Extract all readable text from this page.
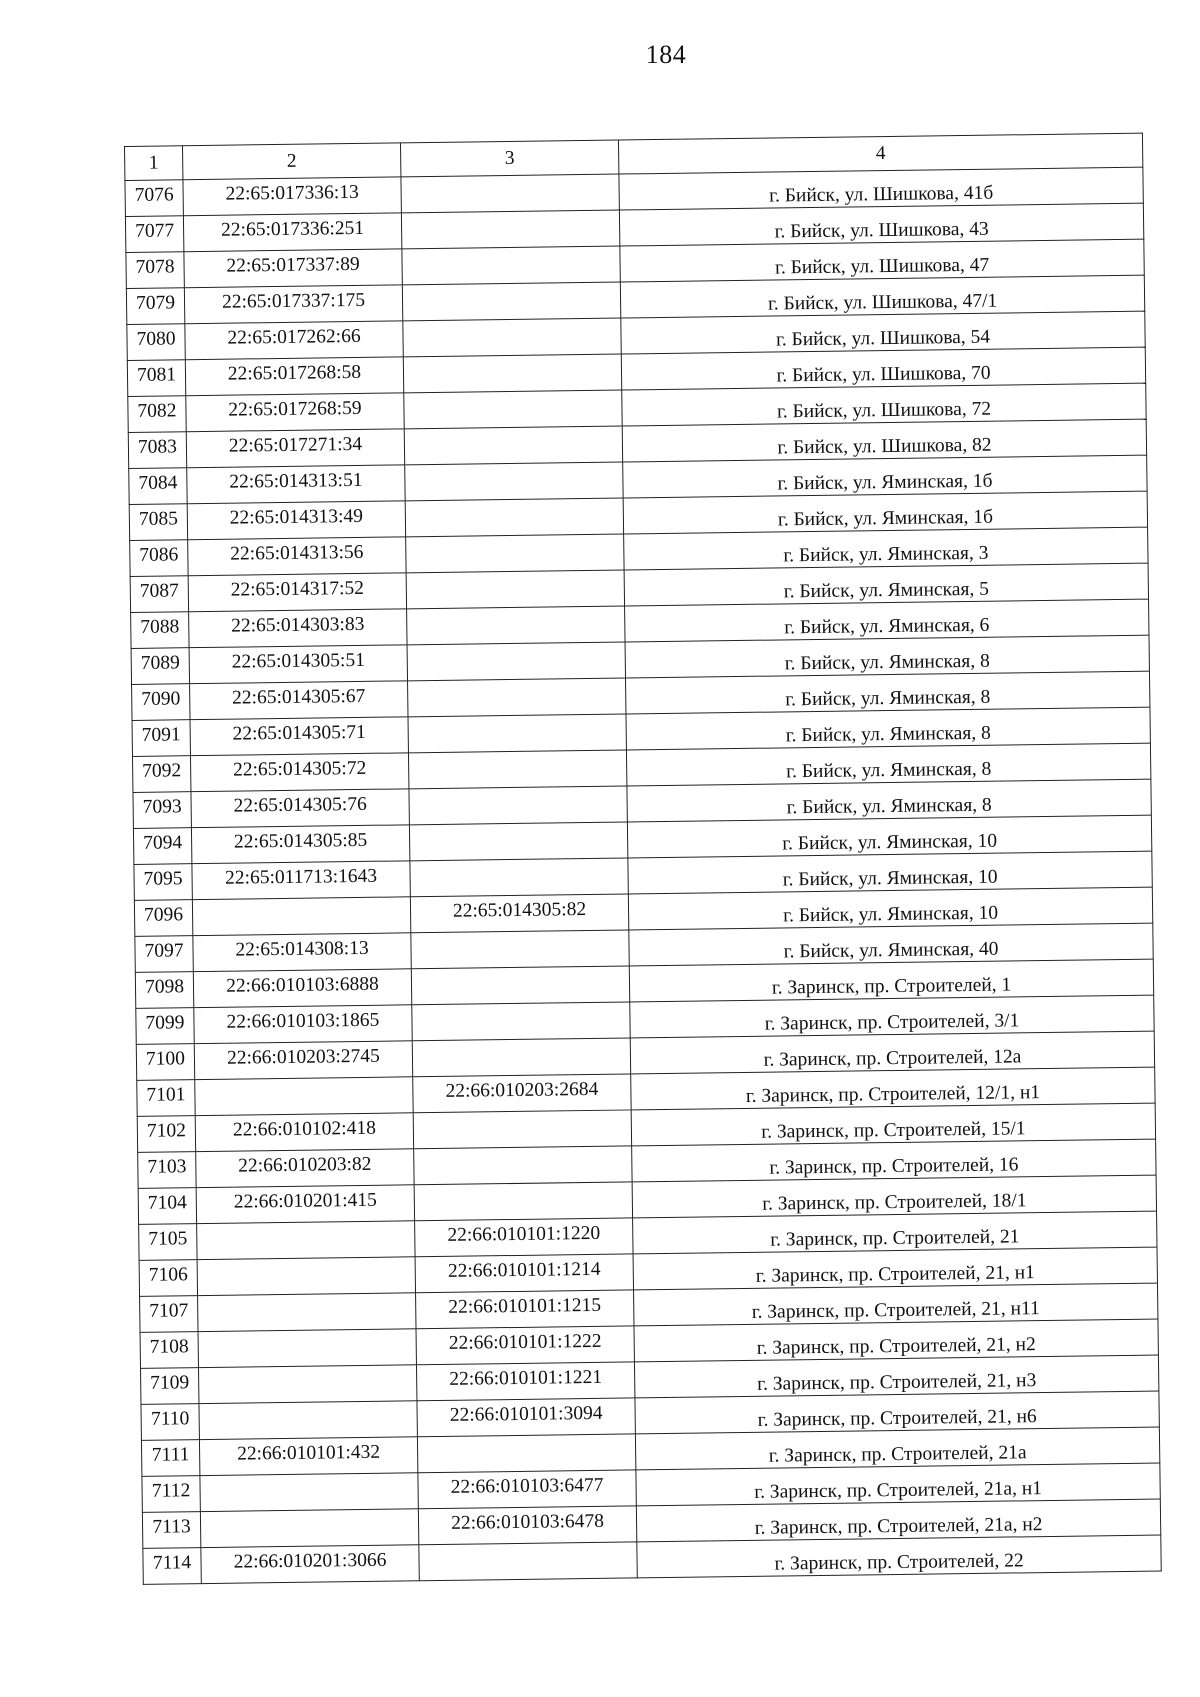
184
1	2	3	4
7076	22:65:017336:13		г. Бийск, ул. Шишкова, 41б
7077	22:65:017336:251		г. Бийск, ул. Шишкова, 43
7078	22:65:017337:89		г. Бийск, ул. Шишкова, 47
7079	22:65:017337:175		г. Бийск, ул. Шишкова, 47/1
7080	22:65:017262:66		г. Бийск, ул. Шишкова, 54
7081	22:65:017268:58		г. Бийск, ул. Шишкова, 70
7082	22:65:017268:59		г. Бийск, ул. Шишкова, 72
7083	22:65:017271:34		г. Бийск, ул. Шишкова, 82
7084	22:65:014313:51		г. Бийск, ул. Яминская, 1б
7085	22:65:014313:49		г. Бийск, ул. Яминская, 1б
7086	22:65:014313:56		г. Бийск, ул. Яминская, 3
7087	22:65:014317:52		г. Бийск, ул. Яминская, 5
7088	22:65:014303:83		г. Бийск, ул. Яминская, 6
7089	22:65:014305:51		г. Бийск, ул. Яминская, 8
7090	22:65:014305:67		г. Бийск, ул. Яминская, 8
7091	22:65:014305:71		г. Бийск, ул. Яминская, 8
7092	22:65:014305:72		г. Бийск, ул. Яминская, 8
7093	22:65:014305:76		г. Бийск, ул. Яминская, 8
7094	22:65:014305:85		г. Бийск, ул. Яминская, 10
7095	22:65:011713:1643		г. Бийск, ул. Яминская, 10
7096		22:65:014305:82	г. Бийск, ул. Яминская, 10
7097	22:65:014308:13		г. Бийск, ул. Яминская, 40
7098	22:66:010103:6888		г. Заринск, пр. Строителей, 1
7099	22:66:010103:1865		г. Заринск, пр. Строителей, 3/1
7100	22:66:010203:2745		г. Заринск, пр. Строителей, 12а
7101		22:66:010203:2684	г. Заринск, пр. Строителей, 12/1, н1
7102	22:66:010102:418		г. Заринск, пр. Строителей, 15/1
7103	22:66:010203:82		г. Заринск, пр. Строителей, 16
7104	22:66:010201:415		г. Заринск, пр. Строителей, 18/1
7105		22:66:010101:1220	г. Заринск, пр. Строителей, 21
7106		22:66:010101:1214	г. Заринск, пр. Строителей, 21, н1
7107		22:66:010101:1215	г. Заринск, пр. Строителей, 21, н11
7108		22:66:010101:1222	г. Заринск, пр. Строителей, 21, н2
7109		22:66:010101:1221	г. Заринск, пр. Строителей, 21, н3
7110		22:66:010101:3094	г. Заринск, пр. Строителей, 21, н6
7111	22:66:010101:432		г. Заринск, пр. Строителей, 21а
7112		22:66:010103:6477	г. Заринск, пр. Строителей, 21а, н1
7113		22:66:010103:6478	г. Заринск, пр. Строителей, 21а, н2
7114	22:66:010201:3066		г. Заринск, пр. Строителей, 22
